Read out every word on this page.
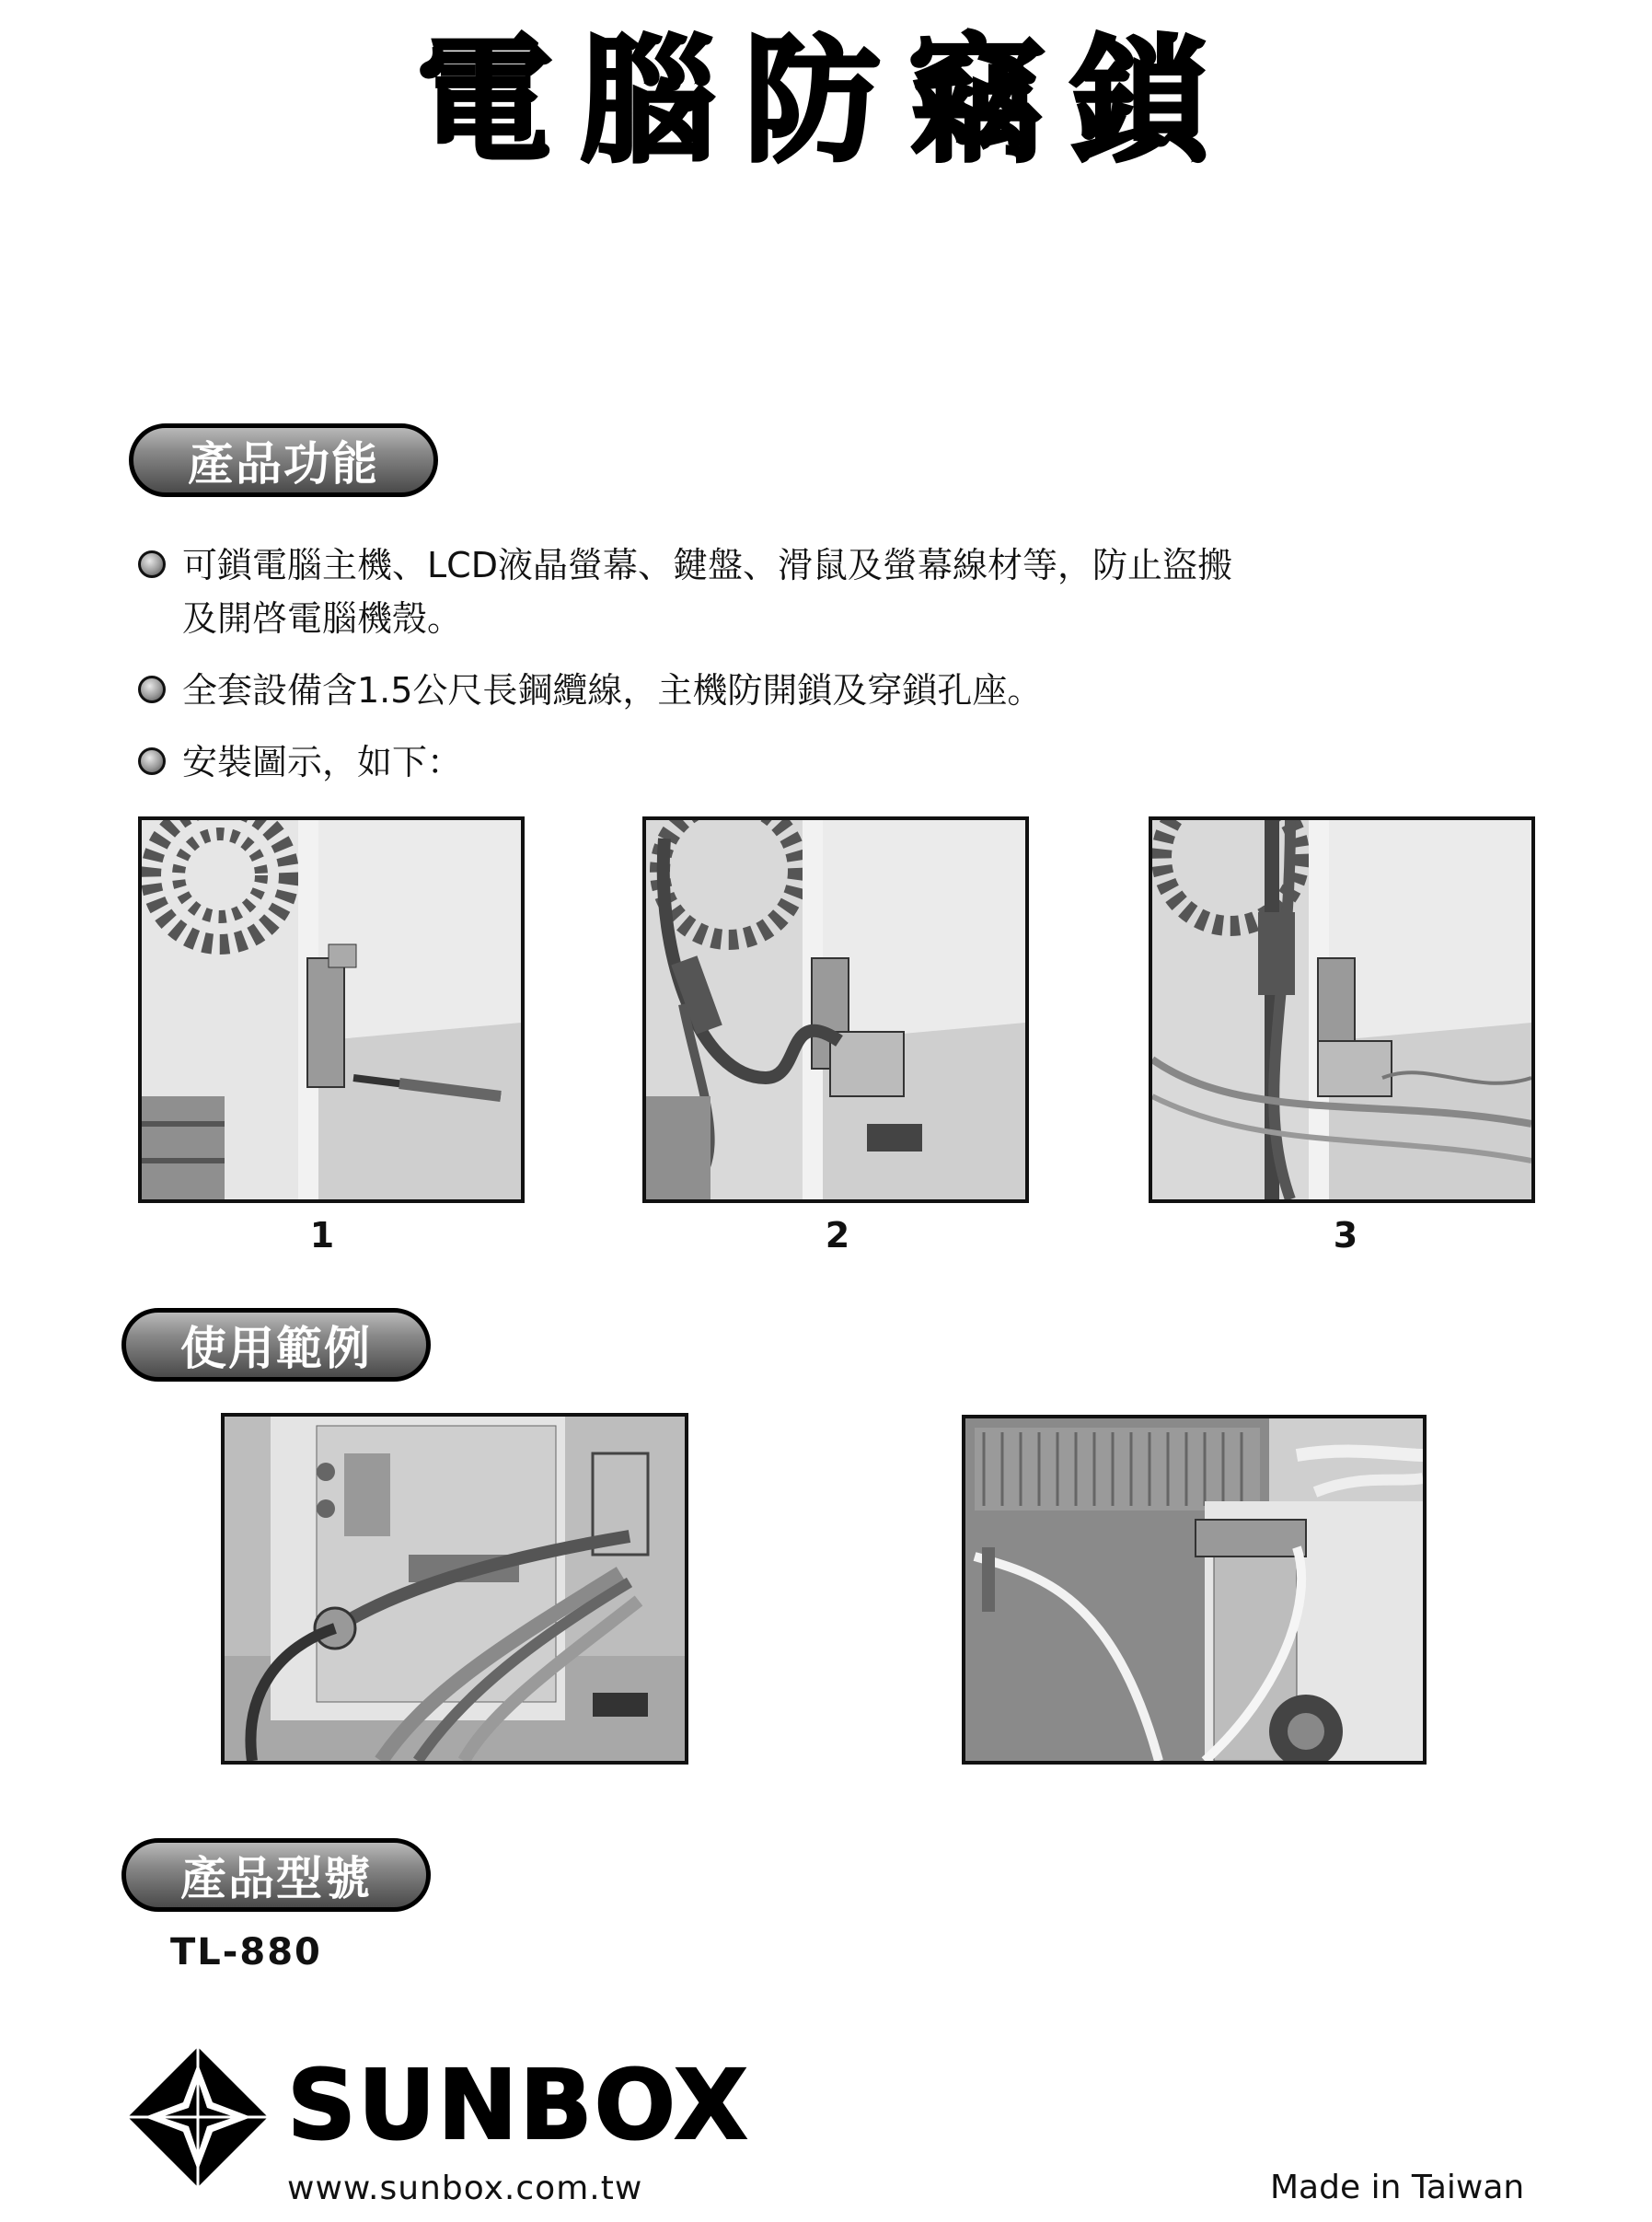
電腦防竊鎖
產品功能
可鎖電腦主機、LCD液晶螢幕、鍵盤、滑鼠及螢幕線材等，防止盜搬
及開啓電腦機殼。
全套設備含1.5公尺長鋼纜線，主機防開鎖及穿鎖孔座。
安裝圖示，如下：
1	2	3
使用範例
產品型號
TL-880
SUNBOX
www.sunbox.com.tw	Made in Taiwan
